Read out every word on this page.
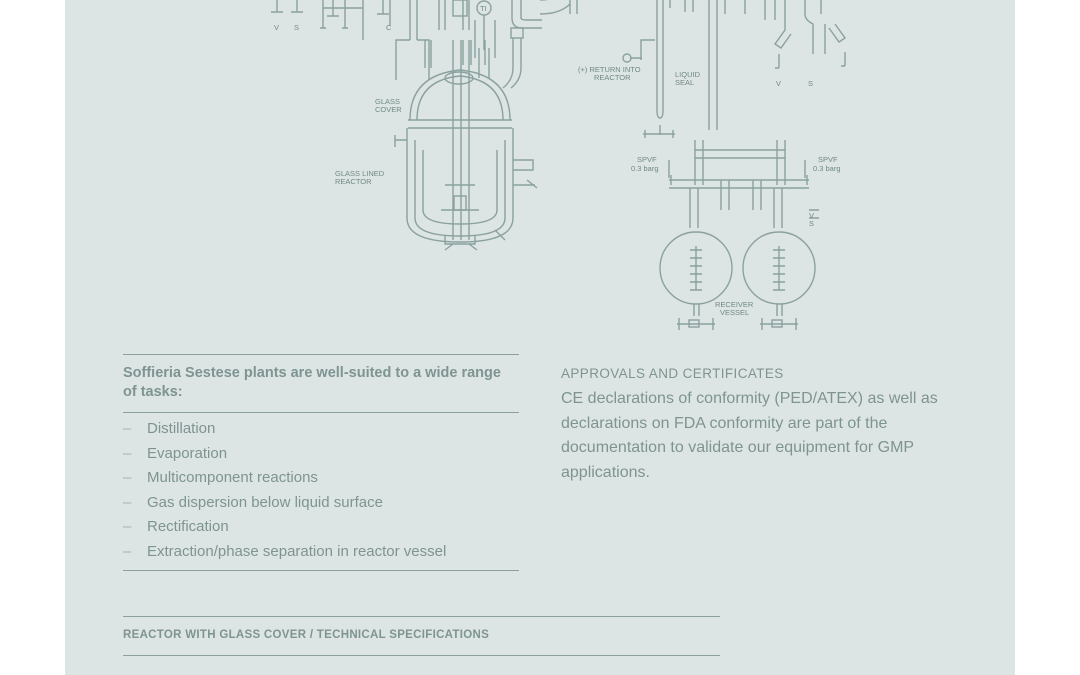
V S	C
TI
GLASS
COVER
GLASS LINED
REACTOR
(+) RETURN INTO
REACTOR	LIQUID
SEAL
SPVF
0.3 barg
SPVF
0.3 barg
V	S
V
S
RECEIVER
VESSEL
Soffieria Sestese plants are well-suited to a wide range of tasks:
– Distillation
– Evaporation
– Multicomponent reactions
– Gas dispersion below liquid surface
– Rectification
– Extraction/phase separation in reactor vessel
APPROVALS AND CERTIFICATES
CE declarations of conformity (PED/ATEX) as well as declarations on FDA conformity are part of the documentation to validate our equipment for GMP applications.
REACTOR WITH GLASS COVER / TECHNICAL SPECIFICATIONS
